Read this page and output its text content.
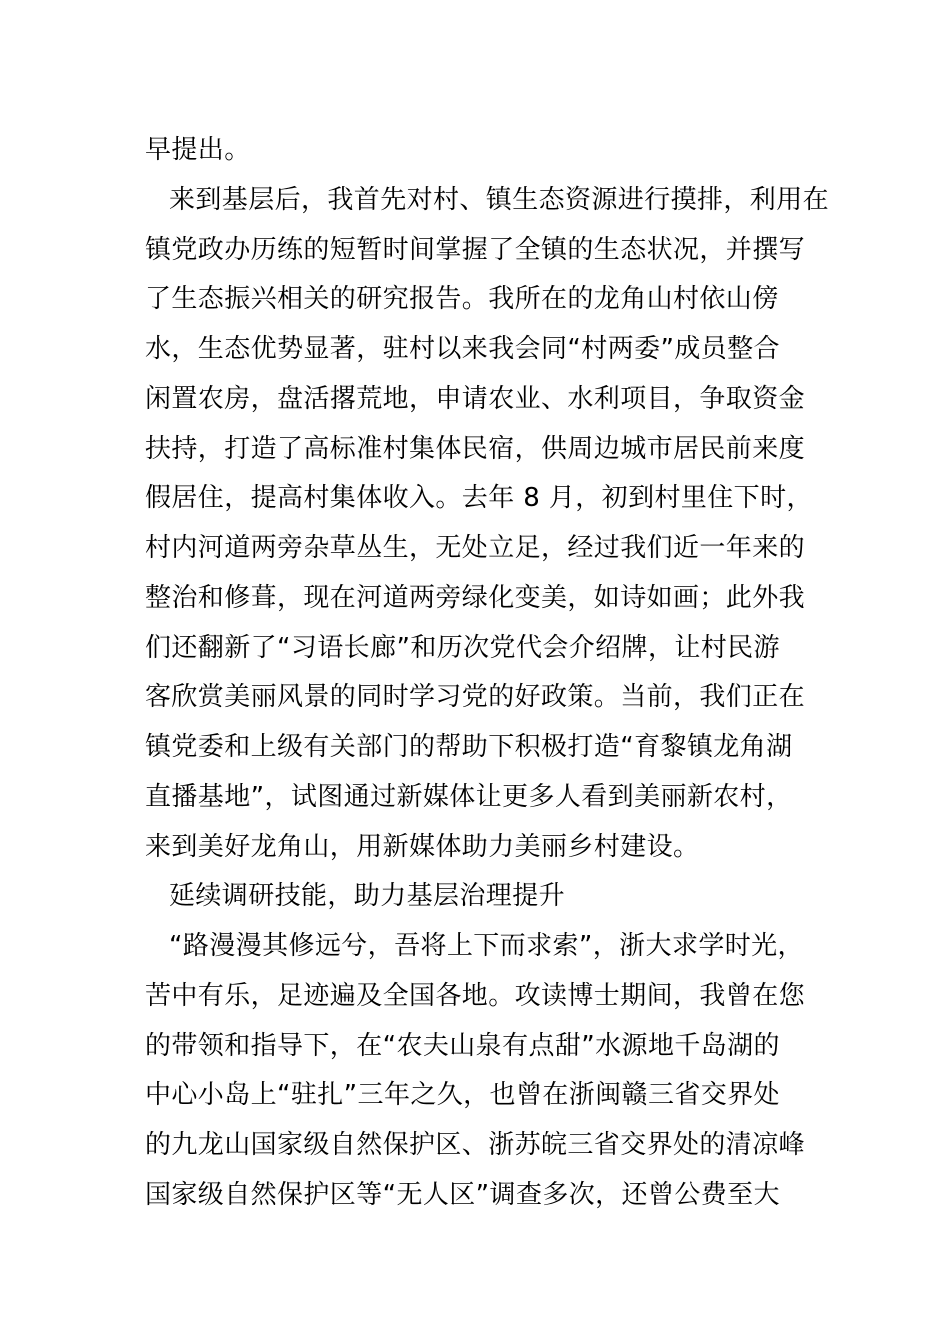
早提出。
来到基层后，我首先对村、镇生态资源进行摸排，利用在
镇党政办历练的短暂时间掌握了全镇的生态状况，并撰写
了生态振兴相关的研究报告。我所在的龙角山村依山傍
水，生态优势显著，驻村以来我会同“村两委”成员整合
闲置农房，盘活撂荒地，申请农业、水利项目，争取资金
扶持，打造了高标准村集体民宿，供周边城市居民前来度
假居住，提高村集体收入。去年 8 月，初到村里住下时，
村内河道两旁杂草丛生，无处立足，经过我们近一年来的
整治和修葺，现在河道两旁绿化变美，如诗如画；此外我
们还翻新了“习语长廊”和历次党代会介绍牌，让村民游
客欣赏美丽风景的同时学习党的好政策。当前，我们正在
镇党委和上级有关部门的帮助下积极打造“育黎镇龙角湖
直播基地”，试图通过新媒体让更多人看到美丽新农村，
来到美好龙角山，用新媒体助力美丽乡村建设。
延续调研技能，助力基层治理提升
“路漫漫其修远兮，吾将上下而求索”，浙大求学时光，
苦中有乐，足迹遍及全国各地。攻读博士期间，我曾在您
的带领和指导下，在“农夫山泉有点甜”水源地千岛湖的
中心小岛上“驻扎”三年之久，也曾在浙闽赣三省交界处
的九龙山国家级自然保护区、浙苏皖三省交界处的清凉峰
国家级自然保护区等“无人区”调查多次，还曾公费至大
